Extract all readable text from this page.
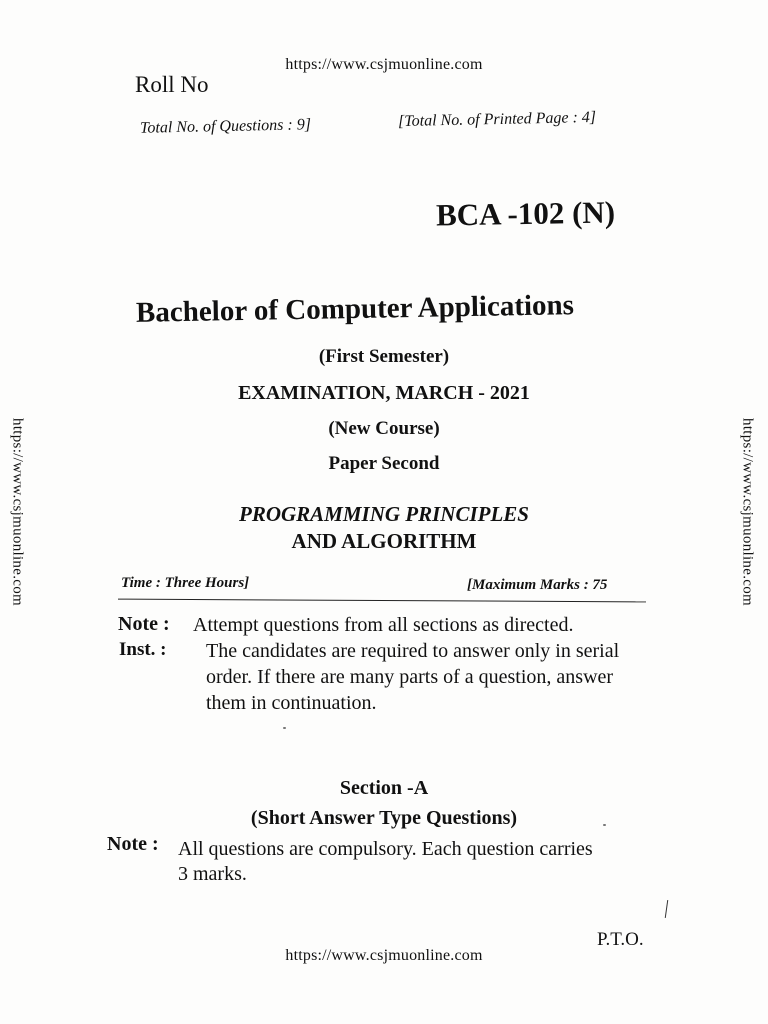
https://www.csjmuonline.com
https://www.csjmuonline.com	https://www.csjmuonline.com
Roll No
Total No. of Questions : 9]	[Total No. of Printed Page : 4]
BCA -102 (N)
Bachelor of Computer Applications
(First Semester)
EXAMINATION, MARCH - 2021
(New Course)
Paper Second
PROGRAMMING PRINCIPLES
AND ALGORITHM
Time : Three Hours]	[Maximum Marks : 75
Note : Attempt questions from all sections as directed.
Inst. : The candidates are required to answer only in serial
order. If there are many parts of a question, answer
them in continuation.
Section -A
(Short Answer Type Questions)
Note : All questions are compulsory. Each question carries
3 marks.
P.T.O.
https://www.csjmuonline.com
